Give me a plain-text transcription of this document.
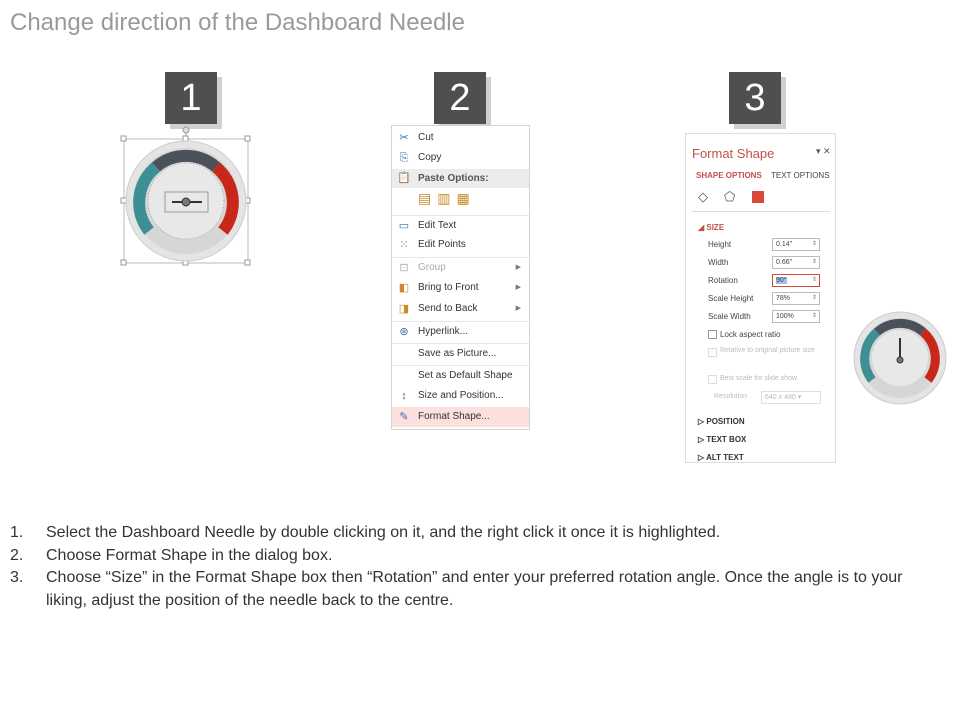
Change direction of the Dashboard Needle
1	2	3
✂ Cut
⎘ Copy
📋 Paste Options:
▤▥▦
▭ Edit Text
⁙ Edit Points
⊡ Group	▶
◧ Bring to Front	▶
◨ Send to Back	▶
⊛ Hyperlink...
Save as Picture...
Set as Default Shape
↕	Size and Position...
✎ Format Shape...
Format Shape	▾ ✕
SHAPE OPTIONS TEXT OPTIONS
◇ ⬠
◢ SIZE
Height	0.14"	⇕
Width	0.66"	⇕
Rotation	90°	⇕
Scale Height	78%	⇕
Scale Width	100%	⇕
Lock aspect ratio
Relative to original picture size
Best scale for slide show
Resolution	640 x 480 ▾
▷ POSITION
▷ TEXT BOX
▷ ALT TEXT
1. Select the Dashboard Needle by double clicking on it, and the right click it once it is highlighted.
2. Choose Format Shape in the dialog box.
3. Choose “Size” in the Format Shape box then “Rotation” and enter your preferred rotation angle. Once the angle is to your liking, adjust the position of the needle back to the centre.
